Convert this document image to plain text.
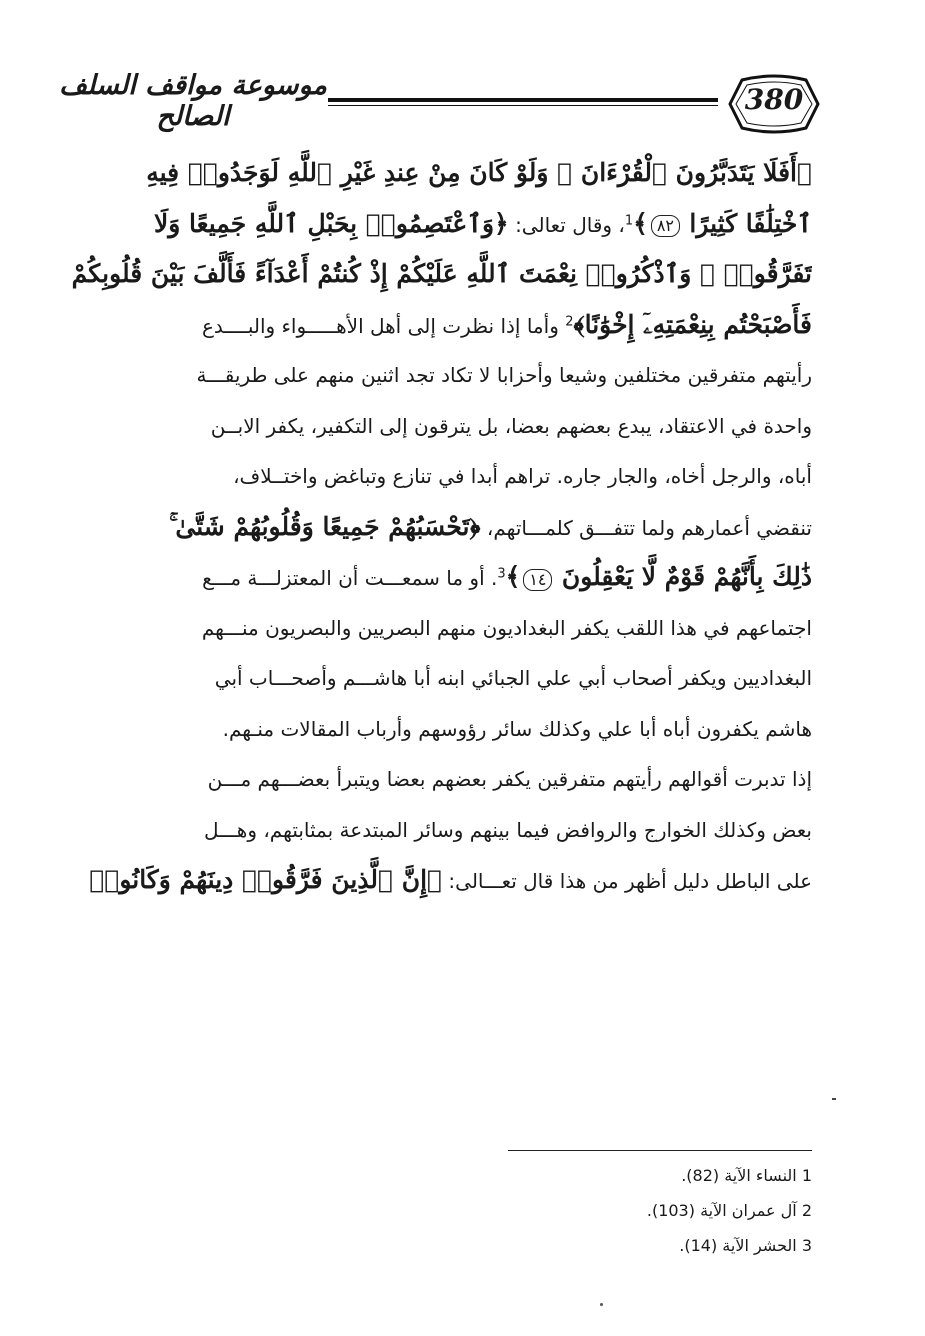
موسوعة مواقف السلف الصالح
380
﴿أَفَلَا يَتَدَبَّرُونَ ٱلْقُرْءَانَ ۚ وَلَوْ كَانَ مِنْ عِندِ غَيْرِ ٱللَّهِ لَوَجَدُوا۟ فِيهِ
ٱخْتِلَٰفًا كَثِيرًا ٨٢﴾$^1$، وقال تعالى: ﴿وَٱعْتَصِمُوا۟ بِحَبْلِ ٱللَّهِ جَمِيعًا وَلَا
تَفَرَّقُوا۟ ۚ وَٱذْكُرُوا۟ نِعْمَتَ ٱللَّهِ عَلَيْكُمْ إِذْ كُنتُمْ أَعْدَآءً فَأَلَّفَ بَيْنَ قُلُوبِكُمْ
فَأَصْبَحْتُم بِنِعْمَتِهِۦٓ إِخْوَٰنًا﴾$^2$ وأما إذا نظرت إلى أهل الأهـــــواء والبــــدع
رأيتهم متفرقين مختلفين وشيعا وأحزابا لا تكاد تجد اثنين منهم على طريقـــة
واحدة في الاعتقاد، يبدع بعضهم بعضا، بل يترقون إلى التكفير، يكفر الابــن
أباه، والرجل أخاه، والجار جاره. تراهم أبدا في تنازع وتباغض واختــلاف،
تنقضي أعمارهم ولما تتفـــق كلمـــاتهم، ﴿تَحْسَبُهُمْ جَمِيعًا وَقُلُوبُهُمْ شَتَّىٰ ۚ
ذَٰلِكَ بِأَنَّهُمْ قَوْمٌ لَّا يَعْقِلُونَ ١٤﴾$^3$. أو ما سمعـــت أن المعتزلـــة مـــع
اجتماعهم في هذا اللقب يكفر البغداديون منهم البصريين والبصريون منـــهم
البغداديين ويكفر أصحاب أبي علي الجبائي ابنه أبا هاشـــم وأصحـــاب أبي
هاشم يكفرون أباه أبا علي وكذلك سائر رؤوسهم وأرباب المقالات منـهم.
إذا تدبرت أقوالهم رأيتهم متفرقين يكفر بعضهم بعضا ويتبرأ بعضـــهم مـــن
بعض وكذلك الخوارج والروافض فيما بينهم وسائر المبتدعة بمثابتهم، وهـــل
على الباطل دليل أظهر من هذا قال تعـــالى: ﴿إِنَّ ٱلَّذِينَ فَرَّقُوا۟ دِينَهُمْ وَكَانُوا۟
1 النساء الآية (82).
2 آل عمران الآية (103).
3 الحشر الآية (14).
